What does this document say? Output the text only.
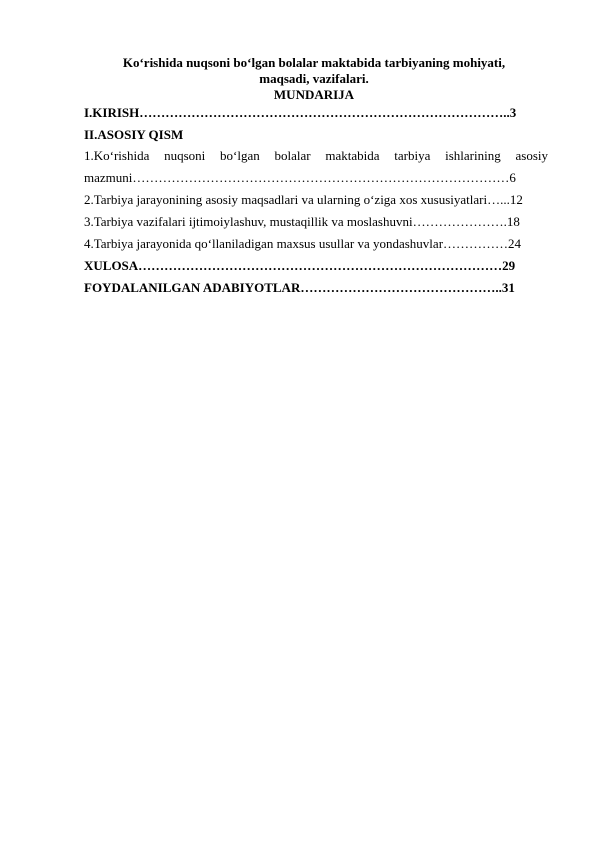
Ko‘rishida nuqsoni bo‘lgan bolalar maktabida tarbiyaning mohiyati,
maqsadi, vazifalari.
MUNDARIJA
I.KIRISH…………………………………………………………………………..3
II.ASOSIY QISM
1.Ko‘rishida nuqsoni bo‘lgan bolalar maktabida tarbiya ishlarining asosiy
mazmuni……………………………………………………………………………6
2.Tarbiya jarayonining asosiy maqsadlari va ularning o‘ziga xos xususiyatlari…...12
3.Tarbiya vazifalari ijtimoiylashuv, mustaqillik va moslashuvni………………….18
4.Tarbiya jarayonida qo‘llaniladigan maxsus usullar va yondashuvlar……………24
XULOSA…………………………………………………………………………29
FOYDALANILGAN ADABIYOTLAR………………………………………..31
